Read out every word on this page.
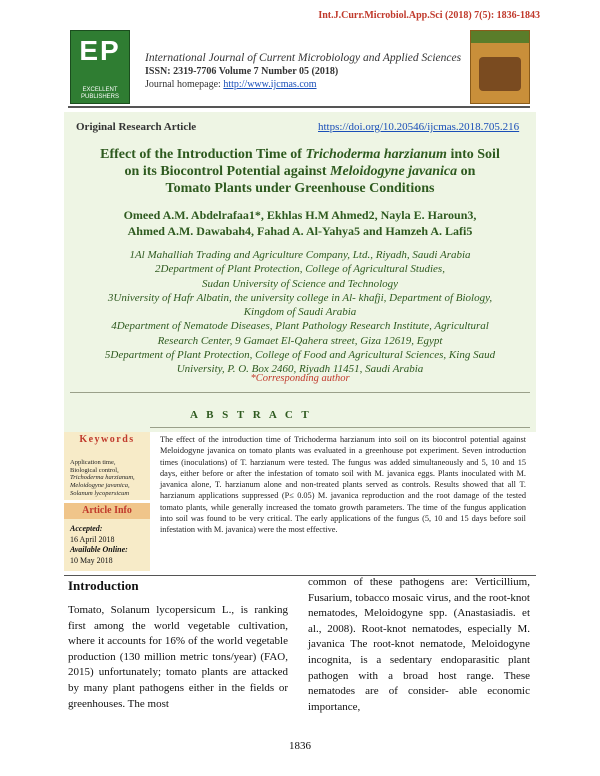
Int.J.Curr.Microbiol.App.Sci (2018) 7(5): 1836-1843
EP
EXCELLENT PUBLISHERS
International Journal of Current Microbiology and Applied Sciences
ISSN: 2319-7706 Volume 7 Number 05 (2018)
Journal homepage: http://www.ijcmas.com
Original Research Article	https://doi.org/10.20546/ijcmas.2018.705.216
Effect of the Introduction Time of Trichoderma harzianum into Soil
on its Biocontrol Potential against Meloidogyne javanica on
Tomato Plants under Greenhouse Conditions
Omeed A.M. Abdelrafaa1*, Ekhlas H.M Ahmed2, Nayla E. Haroun3,
Ahmed A.M. Dawabah4, Fahad A. Al-Yahya5 and Hamzeh A. Lafi5
1Al Mahalliah Trading and Agriculture Company, Ltd., Riyadh, Saudi Arabia
2Department of Plant Protection, College of Agricultural Studies,
Sudan University of Science and Technology
3University of Hafr Albatin, the university college in Al- khafji, Department of Biology,
Kingdom of Saudi Arabia
4Department of Nematode Diseases, Plant Pathology Research Institute, Agricultural
Research Center, 9 Gamaet El-Qahera street, Giza 12619, Egypt
5Department of Plant Protection, College of Food and Agricultural Sciences, King Saud
University, P. O. Box 2460, Riyadh 11451, Saudi Arabia
*Corresponding author
A B S T R A C T
Keywords
Application time,
Biological control,
Trichoderma harzianum,
Meloidogyne javanica,
Solanum lycopersicum
Article Info
Accepted:
16 April 2018
Available Online:
10 May 2018
The effect of the introduction time of Trichoderma harzianum into soil on its biocontrol potential against Meloidogyne javanica on tomato plants was evaluated in a greenhouse pot experiment. Seven introduction times (inoculations) of T. harzianum were tested. The fungus was added simultaneously and 5, 10 and 15 days, either before or after the infestation of tomato soil with M. javanica eggs. Plants inoculated with M. javanica alone, T. harzianum alone and non-treated plants served as controls. Results showed that all T. harzianum applications suppressed (P≤ 0.05) M. javanica reproduction and the root damage of the tested tomato plants, while generally increased the tomato growth parameters. The time of the fungus application into soil was found to be very critical. The early applications of the fungus (5, 10 and 15 days before soil infestation with M. javanica) were the most effective.
Introduction
Tomato, Solanum lycopersicum L., is ranking first among the world vegetable cultivation, where it accounts for 16% of the world vegetable production (130 million metric tons/year) (FAO, 2015) unfortunately; tomato plants are attacked by many plant pathogens either in the fields or greenhouses. The most
common of these pathogens are: Verticillium, Fusarium, tobacco mosaic virus, and the root-knot nematodes, Meloidogyne spp. (Anastasiadis. et al., 2008). Root-knot nematodes, especially M. javanica The root-knot nematode, Meloidogyne incognita, is a sedentary endoparasitic plant pathogen with a broad host range. These nematodes are of consider- able economic importance,
1836
